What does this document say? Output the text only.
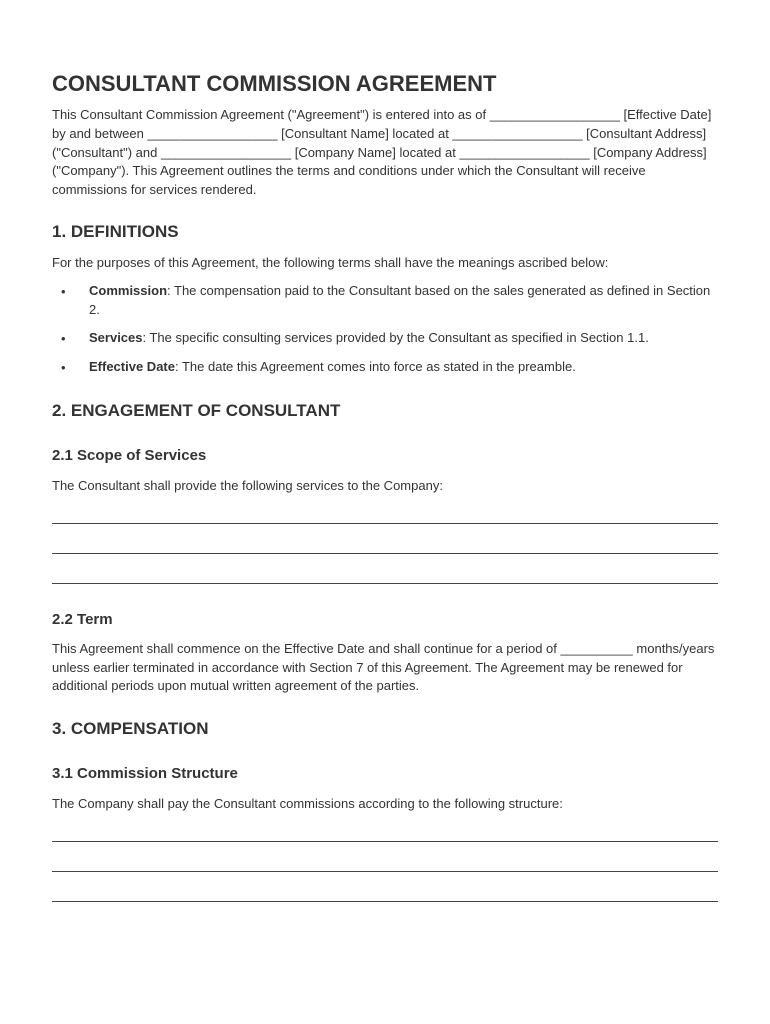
CONSULTANT COMMISSION AGREEMENT

This Consultant Commission Agreement ("Agreement") is entered into as of __________________ [Effective Date] by and between __________________ [Consultant Name] located at __________________ [Consultant Address] ("Consultant") and __________________ [Company Name] located at __________________ [Company Address] ("Company"). This Agreement outlines the terms and conditions under which the Consultant will receive commissions for services rendered.

1. DEFINITIONS

For the purposes of this Agreement, the following terms shall have the meanings ascribed below:

• Commission: The compensation paid to the Consultant based on the sales generated as defined in Section 2.
• Services: The specific consulting services provided by the Consultant as specified in Section 1.1.
• Effective Date: The date this Agreement comes into force as stated in the preamble.
2. ENGAGEMENT OF CONSULTANT
2.1 Scope of Services

The Consultant shall provide the following services to the Company:

2.2 Term

This Agreement shall commence on the Effective Date and shall continue for a period of __________ months/years unless earlier terminated in accordance with Section 7 of this Agreement. The Agreement may be renewed for additional periods upon mutual written agreement of the parties.

3. COMPENSATION
3.1 Commission Structure

The Company shall pay the Consultant commissions according to the following structure:
